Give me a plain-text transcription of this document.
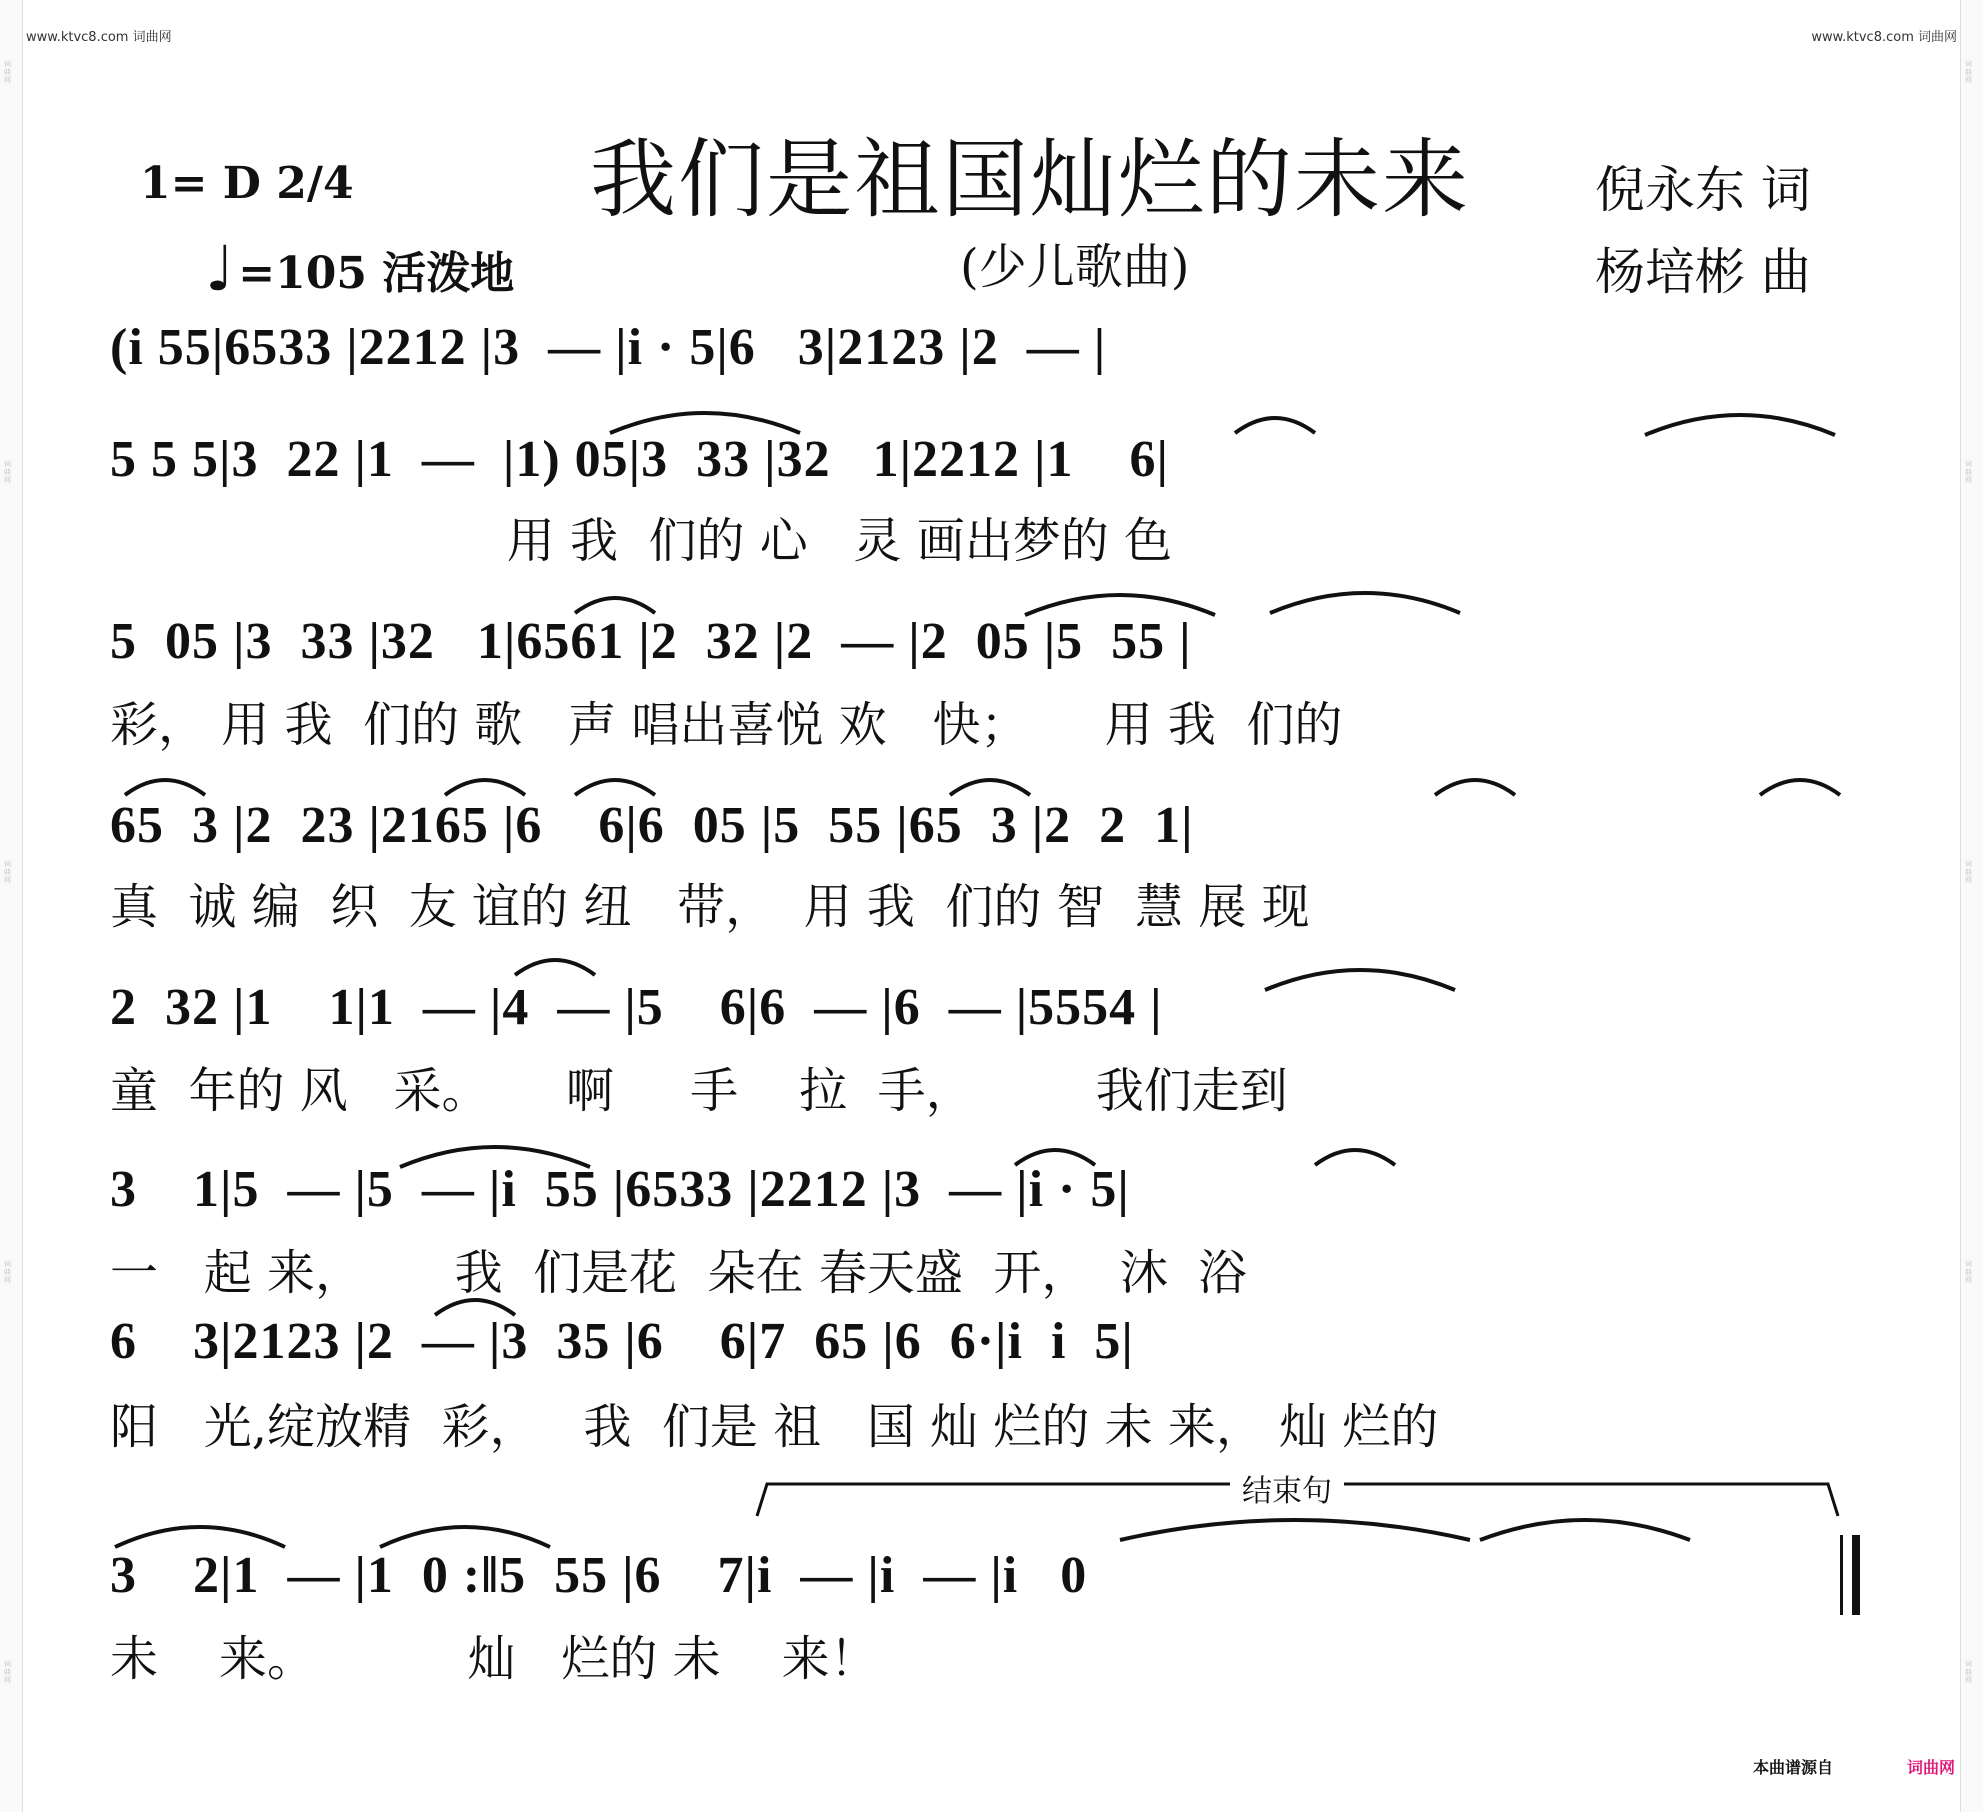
词曲网
词曲网
词曲网
词曲网
词曲网
词曲网
词曲网
词曲网
词曲网
词曲网
www.ktvc8.com 词曲网	www.ktvc8.com 词曲网
我们是祖国灿烂的未来
(少儿歌曲)
1= D 2/4
♩ =105 活泼地
倪永东 词
杨培彬 曲
(i 55|6533 |2212 |3  — |i · 5|6   3|2123 |2  — |
5 5 5|3  22 |1  —  |1) 05|3  33 |32   1|2212 |1    6|
用 我  们的 心   灵 画出梦的 色
5  05 |3  33 |32   1|6561 |2  32 |2  — |2  05 |5  55 |
彩， 用 我  们的 歌   声 唱出喜悦 欢   快；     用 我  们的
65  3 |2  23 |2165 |6    6|6  05 |5  55 |65  3 |2  2  1|
真  诚 编  织  友 谊的 纽   带，  用 我  们的 智  慧 展 现
2  32 |1    1|1  — |4  — |5    6|6  — |6  — |5554 |
童  年的 风   采。     啊     手    拉  手，        我们走到
3    1|5  — |5  — |i  55 |6533 |2212 |3  — |i · 5|
一   起 来，      我  们是花  朵在 春天盛  开，  沐  浴
6    3|2123 |2  — |3  35 |6    6|7  65 |6  6·|i  i  5|
阳   光,绽放精  彩，   我  们是 祖   国 灿 烂的 未 来， 灿 烂的
结束句
3    2|1  — |1  0 :‖5  55 |6    7|i  — |i  — |i   0
未    来。          灿   烂的 未    来！
本曲谱源自	词曲网
